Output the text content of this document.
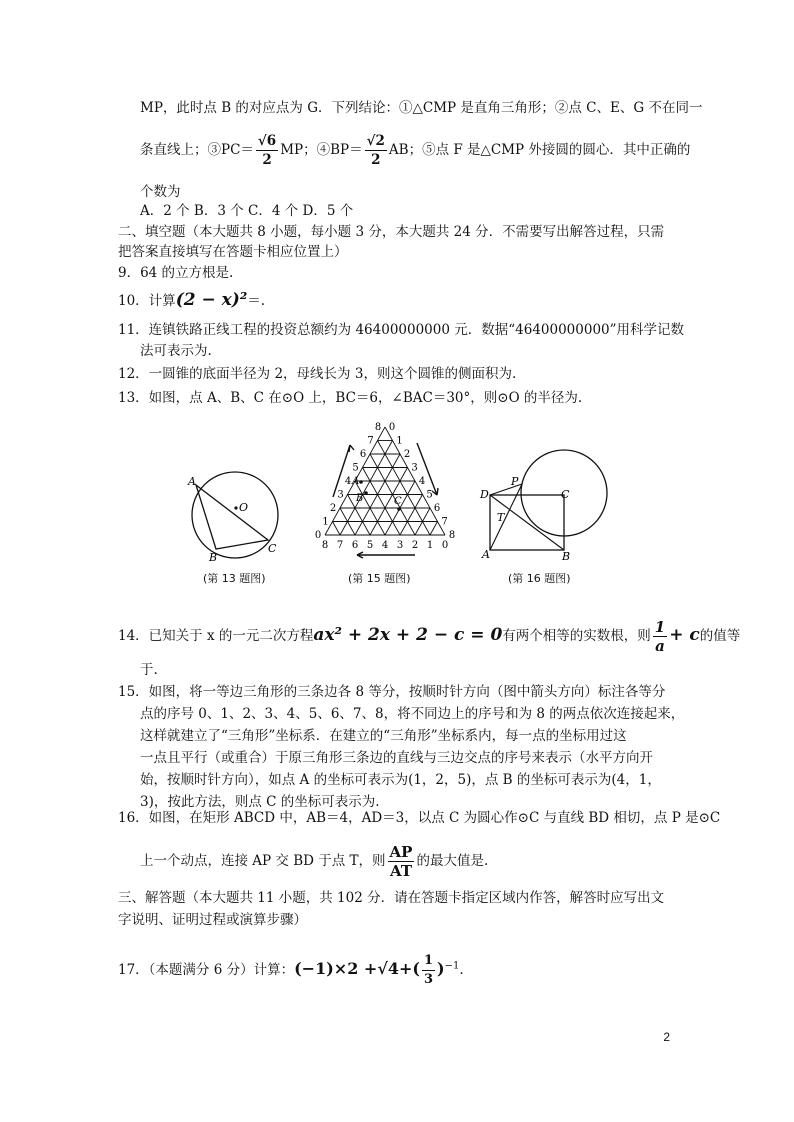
MP，此时点 B 的对应点为 G．下列结论：①△CMP 是直角三角形；②点 C、E、G 不在同一
条直线上；③PC＝ $\frac{√6}{2}$ MP；④BP＝ $\frac{√2}{2}$ AB；⑤点 F 是△CMP 外接圆的圆心．其中正确的
个数为
A．2 个 B．3 个 C．4 个 D．5 个
二、填空题（本大题共 8 小题，每小题 3 分，本大题共 24 分．不需要写出解答过程，只需
把答案直接填写在答题卡相应位置上）
9．64 的立方根是.
10．计算(2 − x)²＝.
11．连镇铁路正线工程的投资总额约为 46400000000 元．数据“46400000000”用科学记数
法可表示为.
12．一圆锥的底面半径为 2，母线长为 3，则这个圆锥的侧面积为.
13．如图，点 A、B、C 在⊙O 上，BC＝6，∠BAC＝30°，则⊙O 的半径为.
A
O
B
C
(第 13 题图)
8 0
8
7 1
7
6	2
6
5	3
5
4	4
4
3	5
3
2	6
2
1	7
1
0	8
0
A
B	C
(第 15 题图)
D
P
C
T
A	B
(第 16 题图)
14．已知关于 x 的一元二次方程ax² + 2x + 2 − c = 0有两个相等的实数根，则 $\frac{1}{a} + c$的值等
于.
15．如图，将一等边三角形的三条边各 8 等分，按顺时针方向（图中箭头方向）标注各等分
点的序号 0、1、2、3、4、5、6、7、8，将不同边上的序号和为 8 的两点依次连接起来，
这样就建立了“三角形”坐标系．在建立的“三角形”坐标系内，每一点的坐标用过这
一点且平行（或重合）于原三角形三条边的直线与三边交点的序号来表示（水平方向开
始，按顺时针方向），如点 A 的坐标可表示为(1，2，5)，点 B 的坐标可表示为(4，1，
3)，按此方法，则点 C 的坐标可表示为.
16．如图，在矩形 ABCD 中，AB＝4，AD＝3，以点 C 为圆心作⊙C 与直线 BD 相切，点 P 是⊙C
上一个动点，连接 AP 交 BD 于点 T，则 $\frac{AP}{AT}$ 的最大值是.
三、解答题（本大题共 11 小题，共 102 分．请在答题卡指定区域内作答，解答时应写出文
字说明、证明过程或演算步骤）
17．（本题满分 6 分）计算：$(-1)\times 2 +√4+( \frac{1}{3} )^{-1}$.
2
